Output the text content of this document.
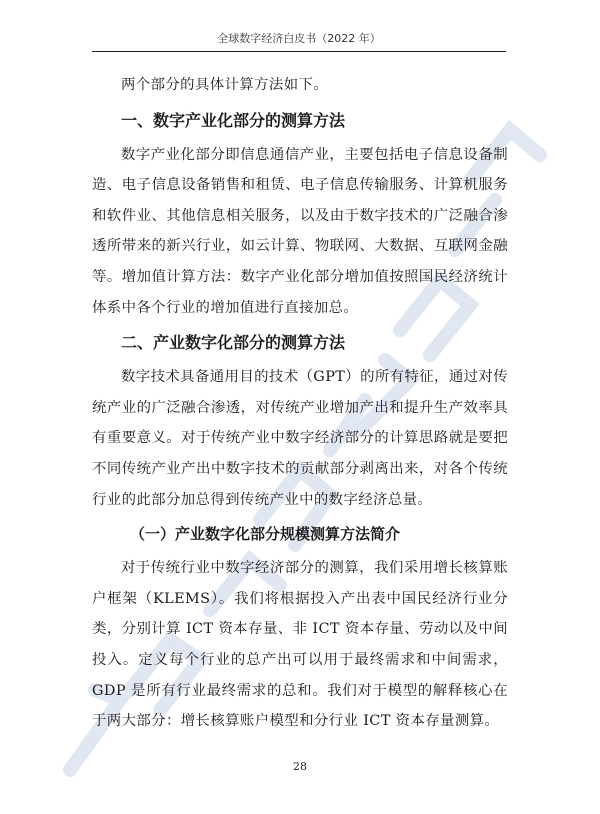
全球数字经济白皮书（2022 年）

两个部分的具体计算方法如下。

一、数字产业化部分的测算方法

数字产业化部分即信息通信产业，主要包括电子信息设备制造、电子信息设备销售和租赁、电子信息传输服务、计算机服务和软件业、其他信息相关服务，以及由于数字技术的广泛融合渗透所带来的新兴行业，如云计算、物联网、大数据、互联网金融等。增加值计算方法：数字产业化部分增加值按照国民经济统计体系中各个行业的增加值进行直接加总。

二、产业数字化部分的测算方法

数字技术具备通用目的技术（GPT）的所有特征，通过对传统产业的广泛融合渗透，对传统产业增加产出和提升生产效率具有重要意义。对于传统产业中数字经济部分的计算思路就是要把不同传统产业产出中数字技术的贡献部分剥离出来，对各个传统行业的此部分加总得到传统产业中的数字经济总量。

（一）产业数字化部分规模测算方法简介

对于传统行业中数字经济部分的测算，我们采用增长核算账户框架（KLEMS）。我们将根据投入产出表中国民经济行业分类，分别计算 ICT 资本存量、非 ICT 资本存量、劳动以及中间投入。定义每个行业的总产出可以用于最终需求和中间需求，GDP 是所有行业最终需求的总和。我们对于模型的解释核心在于两大部分：增长核算账户模型和分行业 ICT 资本存量测算。

28
